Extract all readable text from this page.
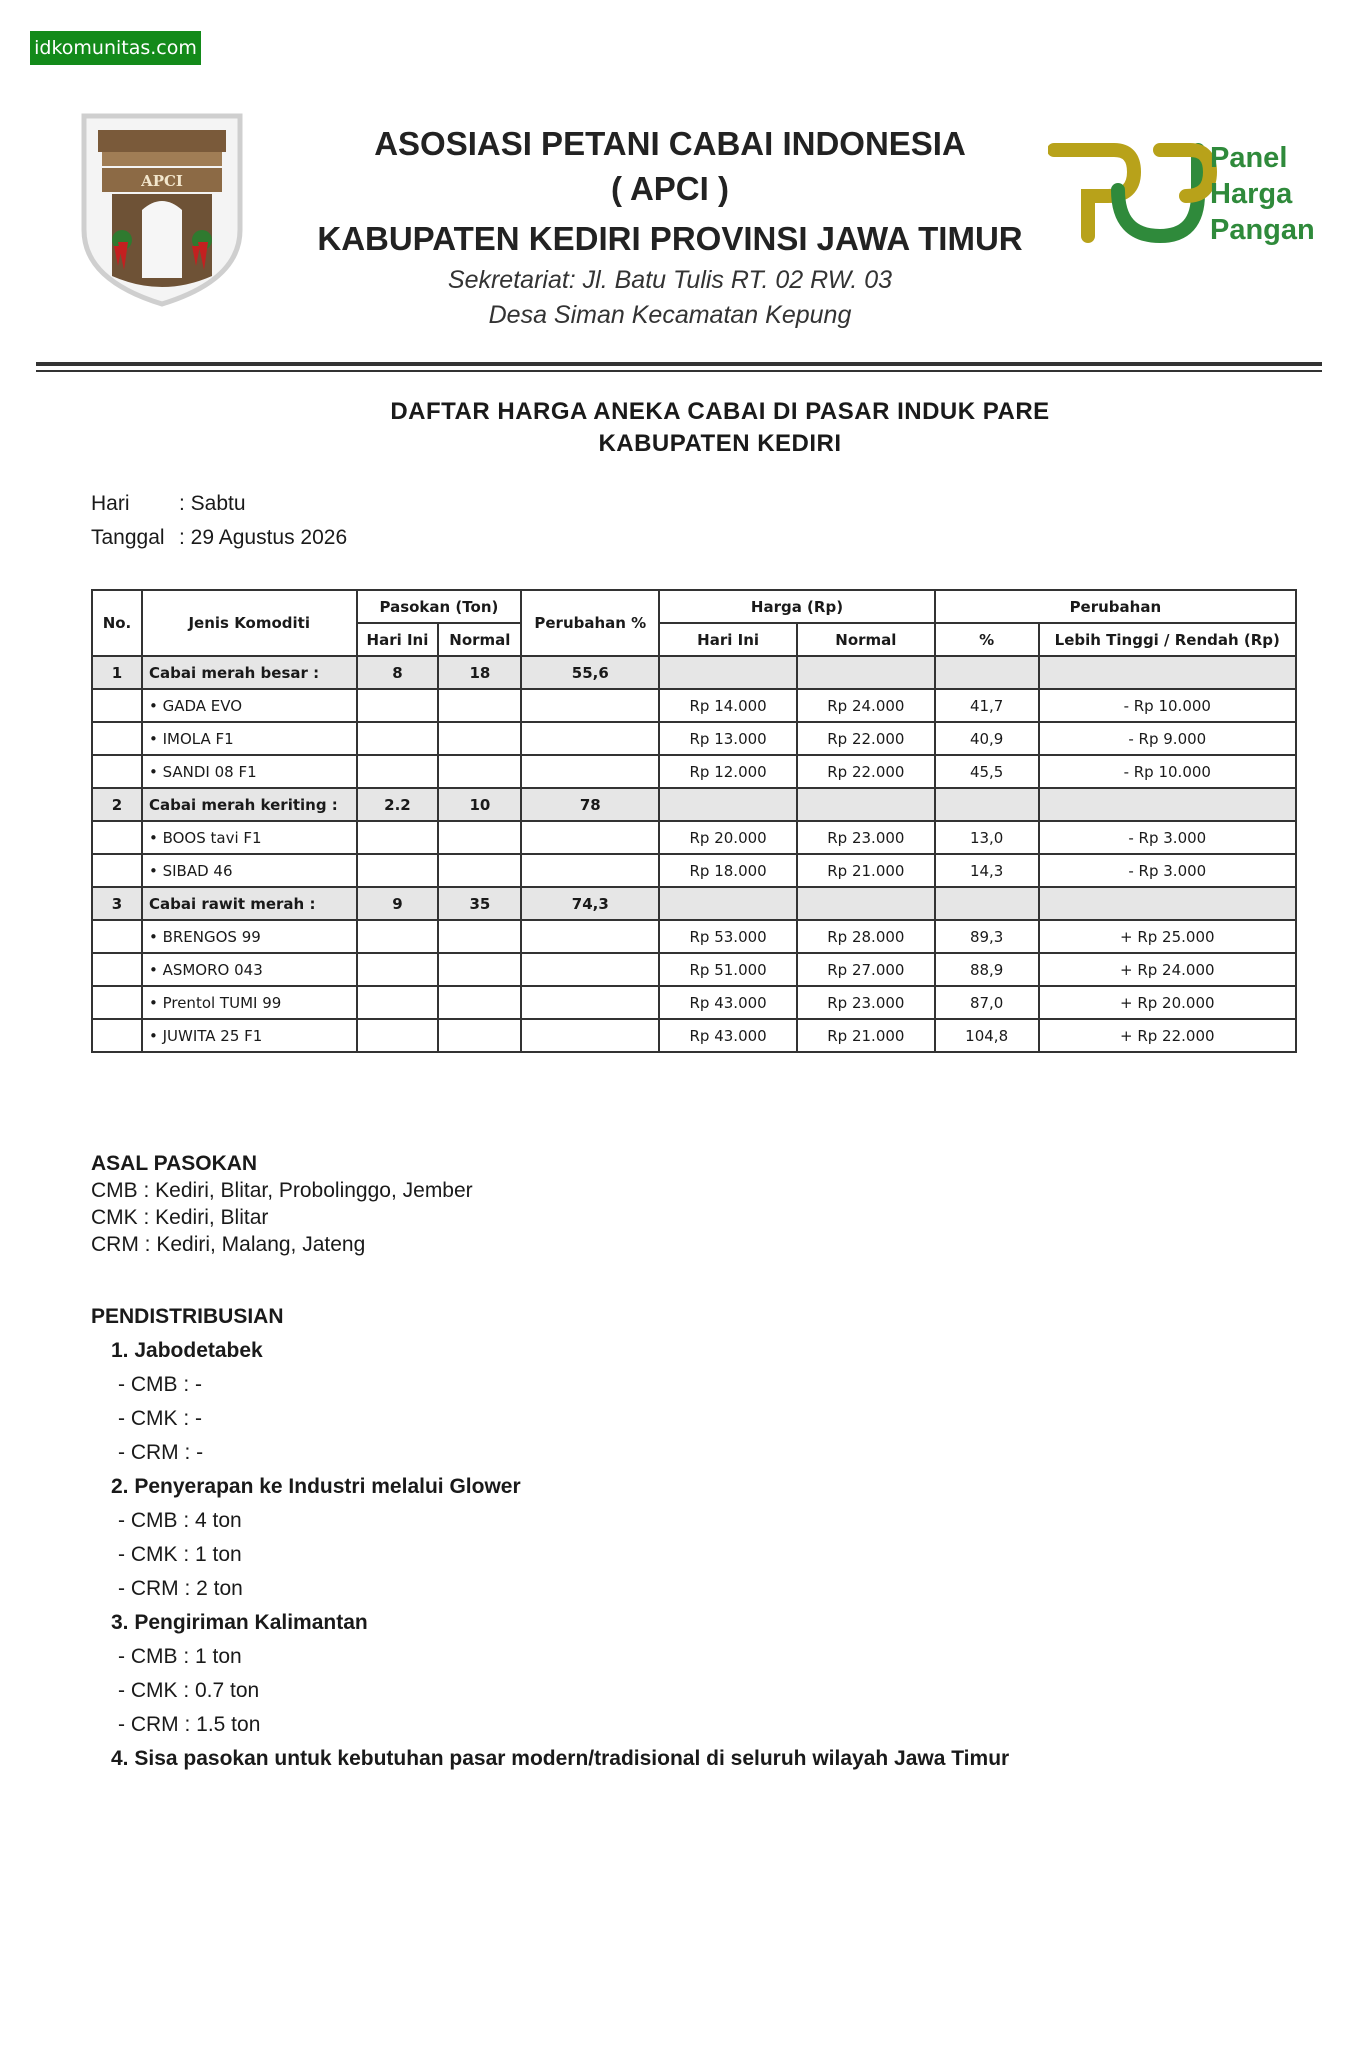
idkomunitas.com
APCI
ASOSIASI PETANI CABAI INDONESIA
( APCI )
KABUPATEN KEDIRI PROVINSI JAWA TIMUR
Sekretariat: Jl. Batu Tulis RT. 02 RW. 03
Desa Siman Kecamatan Kepung
Panel
Harga
Pangan
DAFTAR HARGA ANEKA CABAI DI PASAR INDUK PARE
KABUPATEN KEDIRI
Hari : Sabtu
Tanggal : 29 Agustus 2026
No.	Jenis Komoditi	Pasokan (Ton)		Perubahan %	Harga (Rp)		Perubahan	
		Hari Ini	Normal		Hari Ini	Normal	%	Lebih Tinggi / Rendah (Rp)
1	Cabai merah besar :	8	18	55,6				
	• GADA EVO				Rp 14.000	Rp 24.000	41,7	- Rp 10.000
	• IMOLA F1				Rp 13.000	Rp 22.000	40,9	- Rp 9.000
	• SANDI 08 F1				Rp 12.000	Rp 22.000	45,5	- Rp 10.000
2	Cabai merah keriting :	2.2	10	78				
	• BOOS tavi F1				Rp 20.000	Rp 23.000	13,0	- Rp 3.000
	• SIBAD 46				Rp 18.000	Rp 21.000	14,3	- Rp 3.000
3	Cabai rawit merah :	9	35	74,3				
	• BRENGOS 99				Rp 53.000	Rp 28.000	89,3	+ Rp 25.000
	• ASMORO 043				Rp 51.000	Rp 27.000	88,9	+ Rp 24.000
	• Prentol TUMI 99				Rp 43.000	Rp 23.000	87,0	+ Rp 20.000
	• JUWITA 25 F1				Rp 43.000	Rp 21.000	104,8	+ Rp 22.000
ASAL PASOKAN
CMB : Kediri, Blitar, Probolinggo, Jember
CMK : Kediri, Blitar
CRM : Kediri, Malang, Jateng
PENDISTRIBUSIAN
1. Jabodetabek
- CMB : -
- CMK : -
- CRM : -
2. Penyerapan ke Industri melalui Glower
- CMB : 4 ton
- CMK : 1 ton
- CRM : 2 ton
3. Pengiriman Kalimantan
- CMB : 1 ton
- CMK : 0.7 ton
- CRM : 1.5 ton
4. Sisa pasokan untuk kebutuhan pasar modern/tradisional di seluruh wilayah Jawa Timur
